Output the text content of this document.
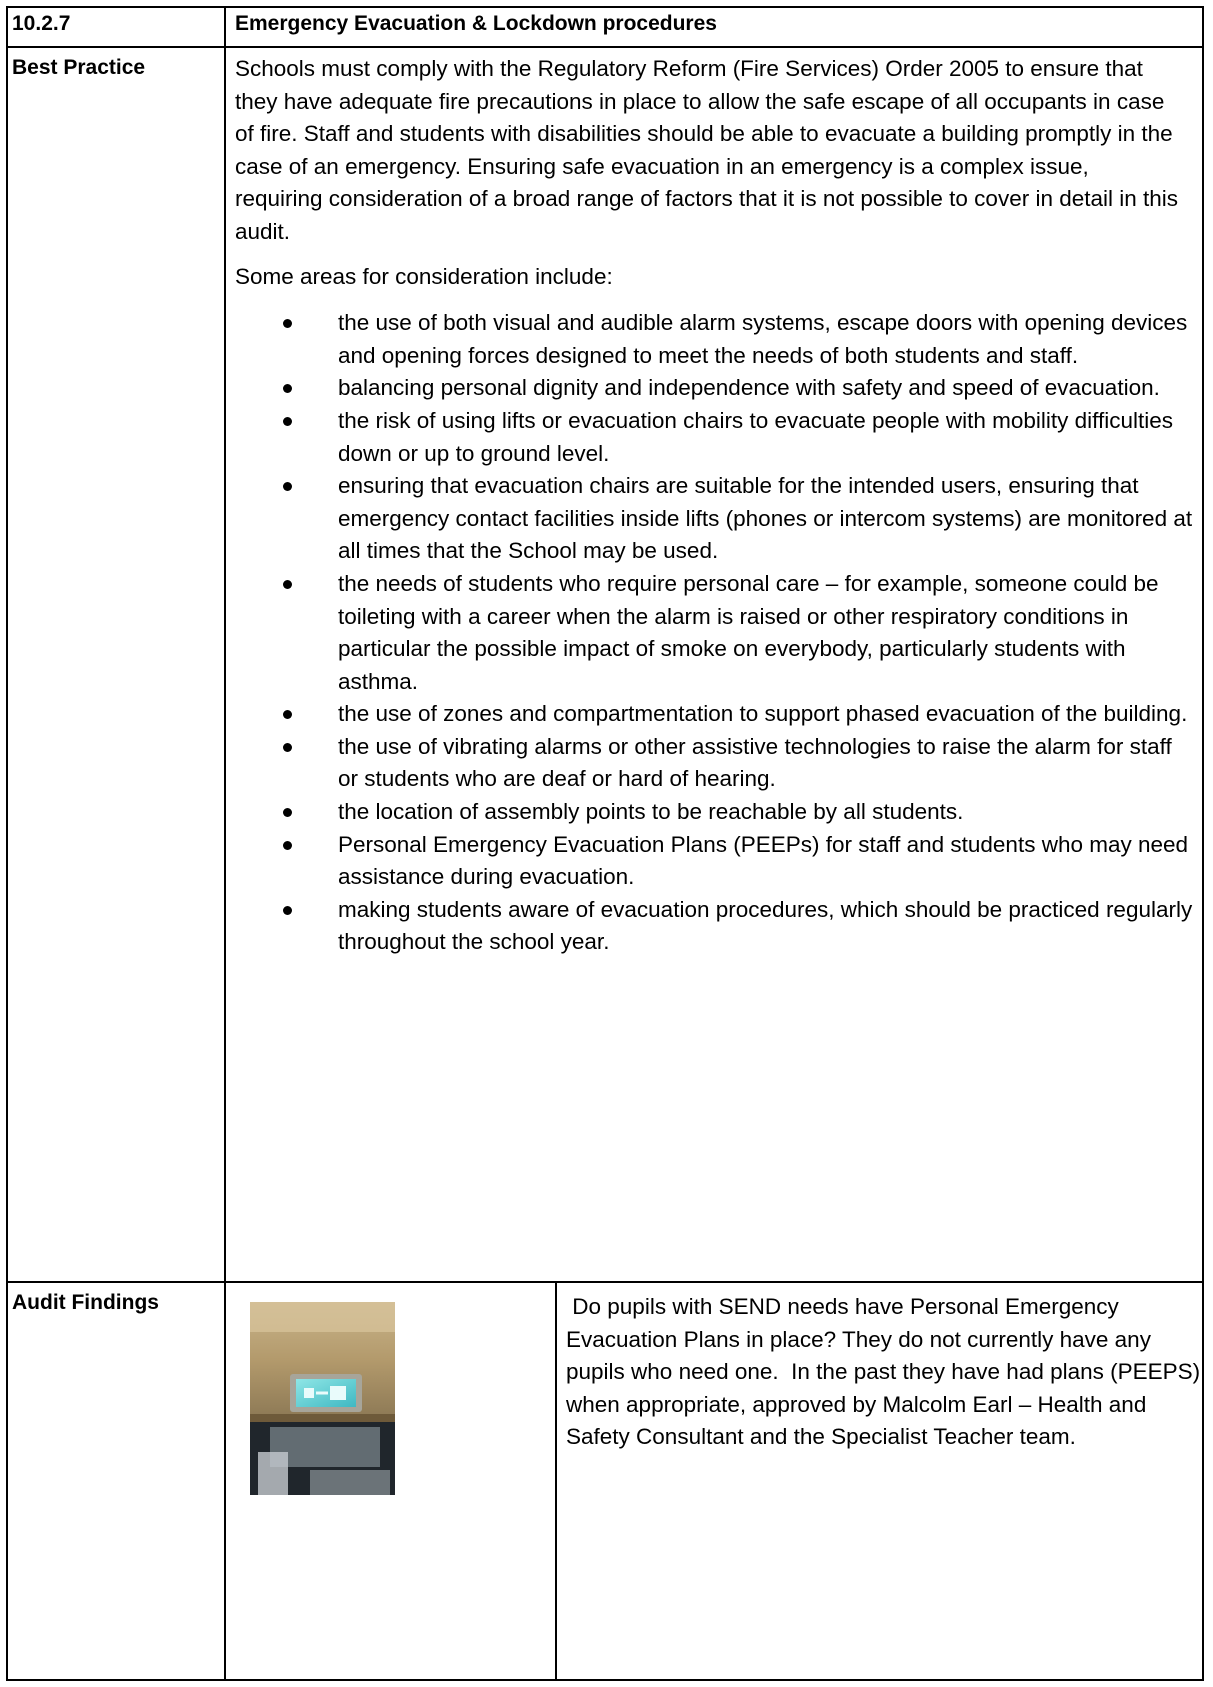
10.2.7	Emergency Evacuation & Lockdown procedures
Best Practice	Schools must comply with the Regulatory Reform (Fire Services) Order 2005 to ensure that they have adequate fire precautions in place to allow the safe escape of all occupants in case of fire. Staff and students with disabilities should be able to evacuate a building promptly in the case of an emergency. Ensuring safe evacuation in an emergency is a complex issue, requiring consideration of a broad range of factors that it is not possible to cover in detail in this audit.

Some areas for consideration include:

the use of both visual and audible alarm systems, escape doors with opening devices and opening forces designed to meet the needs of both students and staff.
balancing personal dignity and independence with safety and speed of evacuation.
the risk of using lifts or evacuation chairs to evacuate people with mobility difficulties down or up to ground level.
ensuring that evacuation chairs are suitable for the intended users, ensuring that emergency contact facilities inside lifts (phones or intercom systems) are monitored at all times that the School may be used.
the needs of students who require personal care – for example, someone could be toileting with a career when the alarm is raised or other respiratory conditions in particular the possible impact of smoke on everybody, particularly students with asthma.
the use of zones and compartmentation to support phased evacuation of the building.
the use of vibrating alarms or other assistive technologies to raise the alarm for staff or students who are deaf or hard of hearing.
the location of assembly points to be reachable by all students.
Personal Emergency Evacuation Plans (PEEPs) for staff and students who may need assistance during evacuation.
making students aware of evacuation procedures, which should be practiced regularly throughout the school year.
Audit Findings	Do pupils with SEND needs have Personal Emergency Evacuation Plans in place? They do not currently have any pupils who need one.  In the past they have had plans (PEEPS) when appropriate, approved by Malcolm Earl – Health and Safety Consultant and the Specialist Teacher team.
